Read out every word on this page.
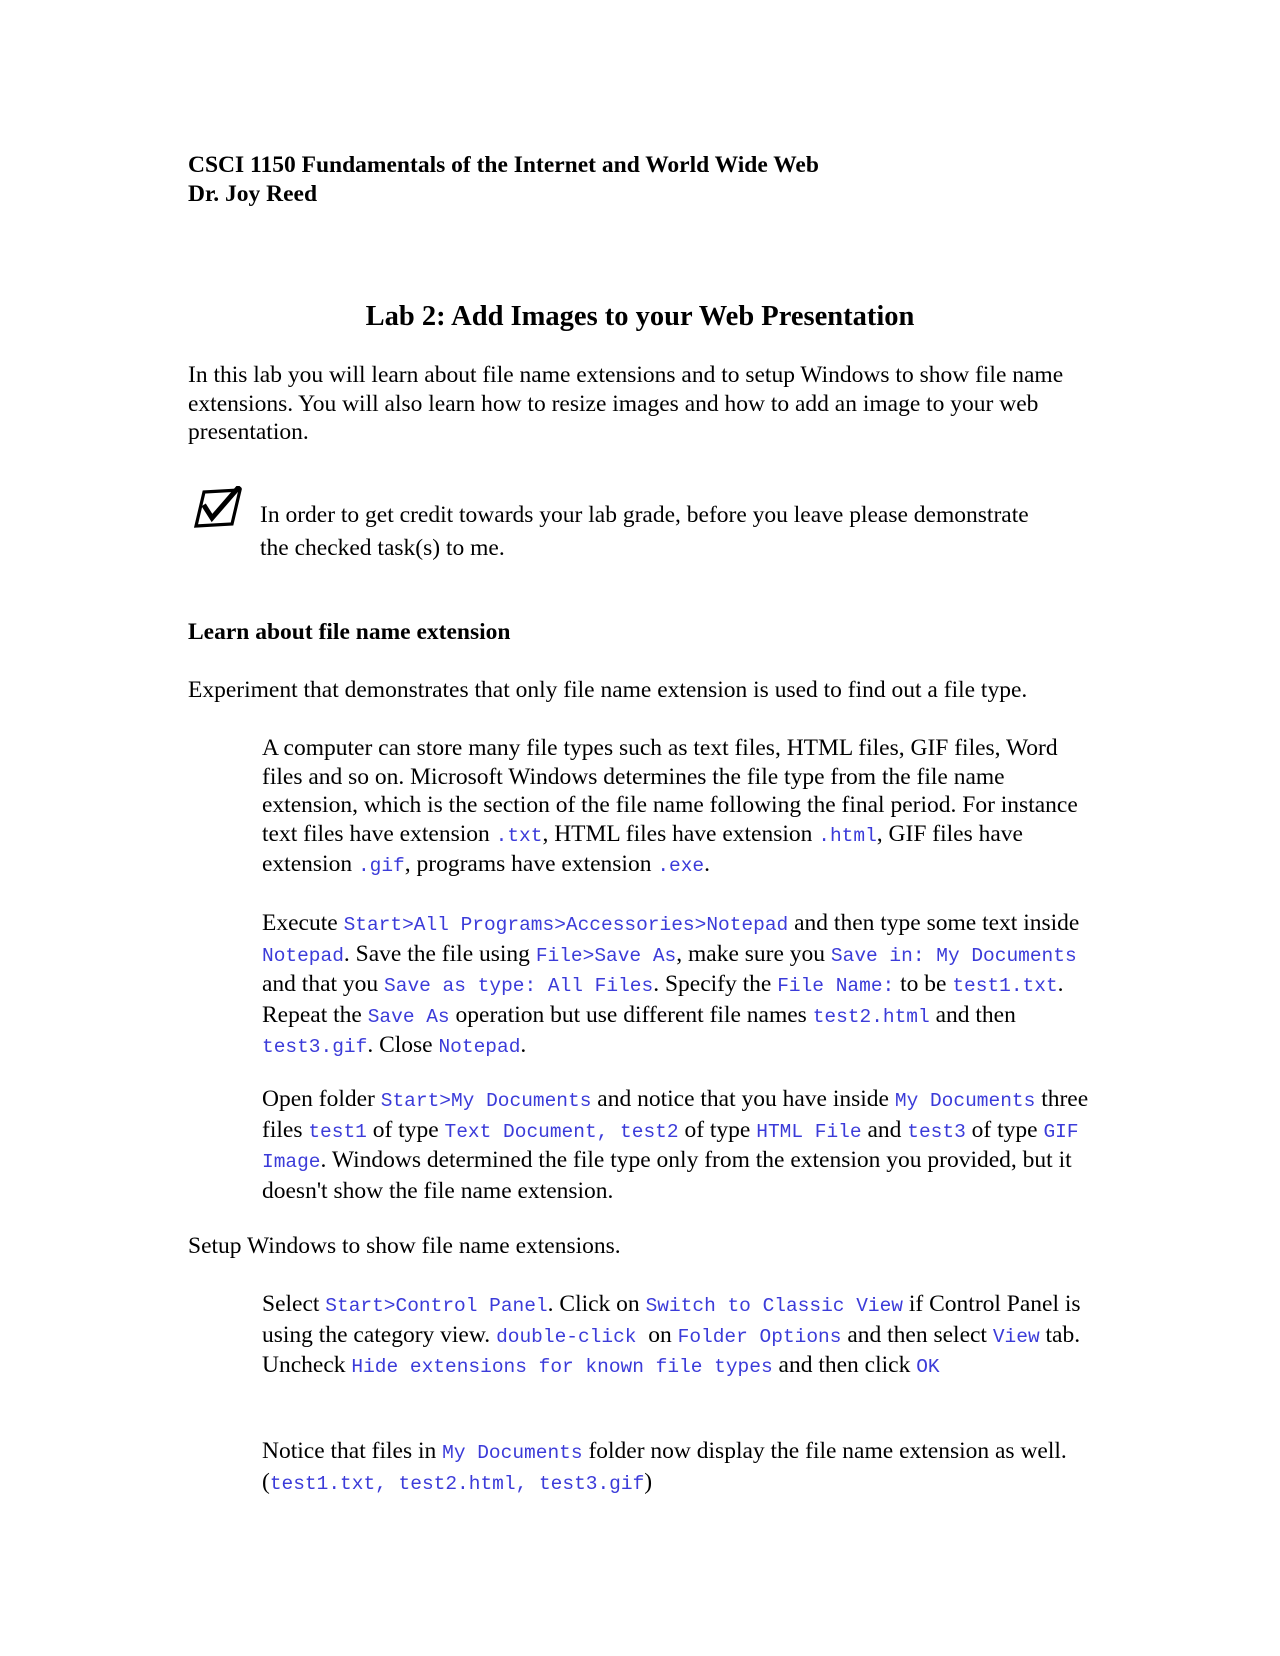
CSCI 1150 Fundamentals of the Internet and World Wide Web
Dr. Joy Reed
Lab 2: Add Images to your Web Presentation

In this lab you will learn about file name extensions and to setup Windows to show file name extensions. You will also learn how to resize images and how to add an image to your web presentation.

In order to get credit towards your lab grade, before you leave please demonstrate
the checked task(s) to me.
Learn about file name extension

Experiment that demonstrates that only file name extension is used to find out a file type.

A computer can store many file types such as text files, HTML files, GIF files, Word files and so on. Microsoft Windows determines the file type from the file name extension, which is the section of the file name following the final period. For instance text files have extension .txt, HTML files have extension .html, GIF files have extension .gif, programs have extension .exe.

Execute Start>All Programs>Accessories>Notepad and then type some text inside Notepad. Save the file using File>Save As, make sure you Save in: My Documents and that you Save as type: All Files. Specify the File Name: to be test1.txt. Repeat the Save As operation but use different file names test2.html and then test3.gif. Close Notepad.

Open folder Start>My Documents and notice that you have inside My Documents three files test1 of type Text Document, test2 of type HTML File and test3 of type GIF Image. Windows determined the file type only from the extension you provided, but it doesn't show the file name extension.

Setup Windows to show file name extensions.

Select Start>Control Panel. Click on Switch to Classic View if Control Panel is using the category view. double-click  on Folder Options and then select View tab. Uncheck Hide extensions for known file types and then click OK

Notice that files in My Documents folder now display the file name extension as well. (test1.txt, test2.html, test3.gif)
